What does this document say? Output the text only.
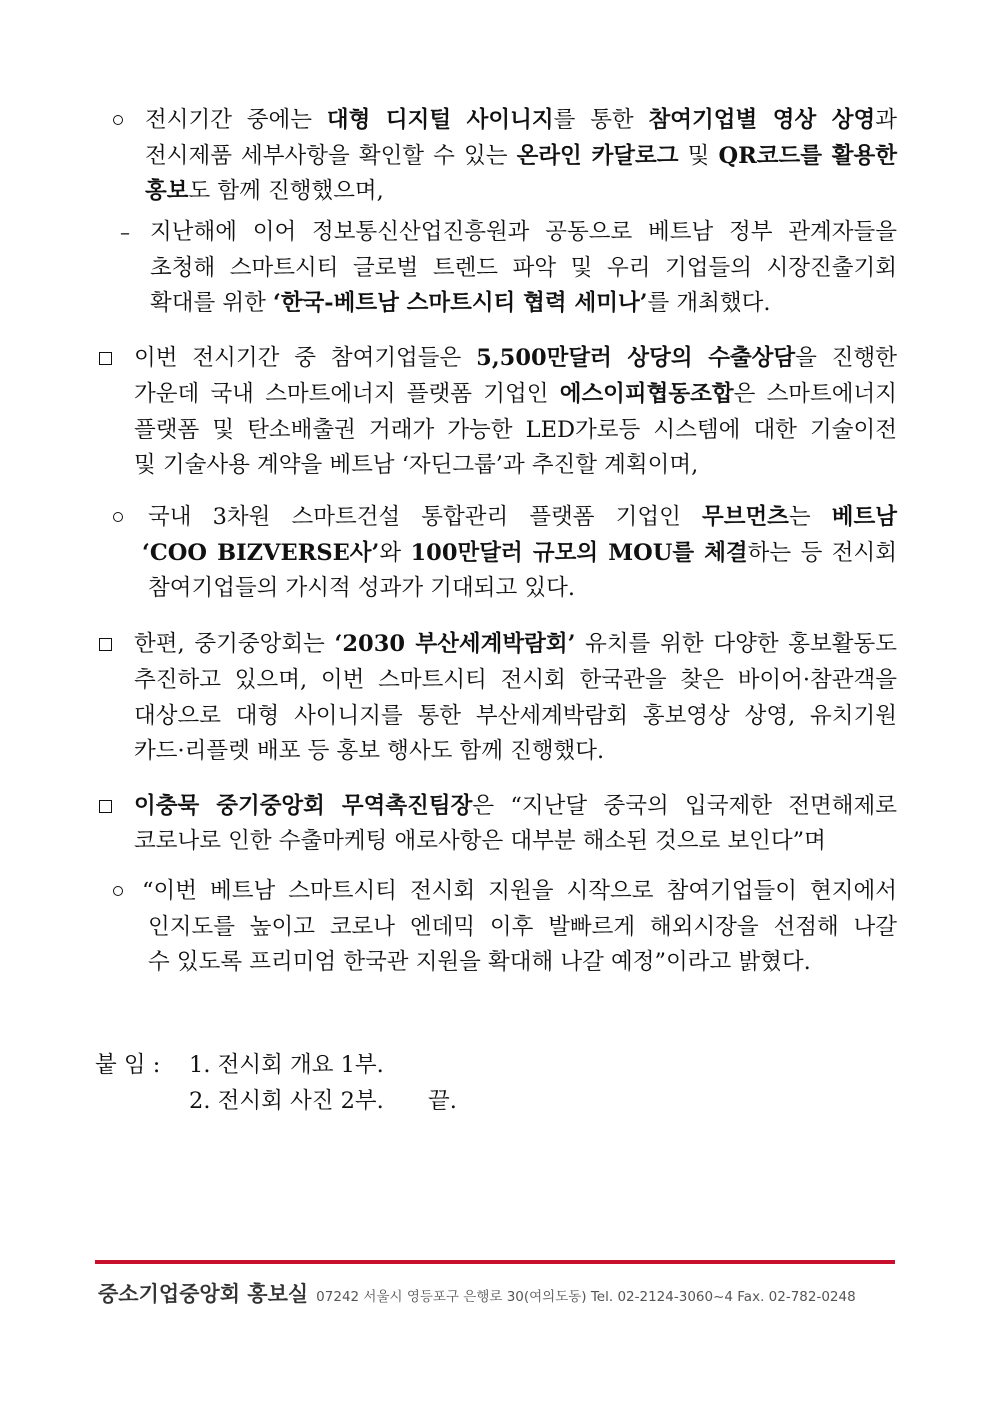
전시기간 중에는 대형 디지털 사이니지를 통한 참여기업별 영상 상영과
전시제품 세부사항을 확인할 수 있는 온라인 카달로그 및 QR코드를 활용한
홍보도 함께 진행했으며,
– 지난해에 이어 정보통신산업진흥원과 공동으로 베트남 정부 관계자들을
초청해 스마트시티 글로벌 트렌드 파악 및 우리 기업들의 시장진출기회
확대를 위한 ‘한국-베트남 스마트시티 협력 세미나’를 개최했다.
이번 전시기간 중 참여기업들은 5,500만달러 상당의 수출상담을 진행한
가운데 국내 스마트에너지 플랫폼 기업인 에스이피협동조합은 스마트에너지
플랫폼 및 탄소배출권 거래가 가능한 LED가로등 시스템에 대한 기술이전
및 기술사용 계약을 베트남 ‘자딘그룹’과 추진할 계획이며,
국내 3차원 스마트건설 통합관리 플랫폼 기업인 무브먼츠는 베트남
‘COO BIZVERSE사’와 100만달러 규모의 MOU를 체결하는 등 전시회
참여기업들의 가시적 성과가 기대되고 있다.
한편, 중기중앙회는 ‘2030 부산세계박람회’ 유치를 위한 다양한 홍보활동도
추진하고 있으며, 이번 스마트시티 전시회 한국관을 찾은 바이어·참관객을
대상으로 대형 사이니지를 통한 부산세계박람회 홍보영상 상영, 유치기원
카드·리플렛 배포 등 홍보 행사도 함께 진행했다.
이충묵 중기중앙회 무역촉진팀장은 “지난달 중국의 입국제한 전면해제로
코로나로 인한 수출마케팅 애로사항은 대부분 해소된 것으로 보인다”며
“이번 베트남 스마트시티 전시회 지원을 시작으로 참여기업들이 현지에서
인지도를 높이고 코로나 엔데믹 이후 발빠르게 해외시장을 선점해 나갈
수 있도록 프리미엄 한국관 지원을 확대해 나갈 예정”이라고 밝혔다.
붙 임 : 1. 전시회 개요 1부.
2. 전시회 사진 2부. 끝.
중소기업중앙회 홍보실 07242 서울시 영등포구 은행로 30(여의도동) Tel. 02-2124-3060~4 Fax. 02-782-0248
